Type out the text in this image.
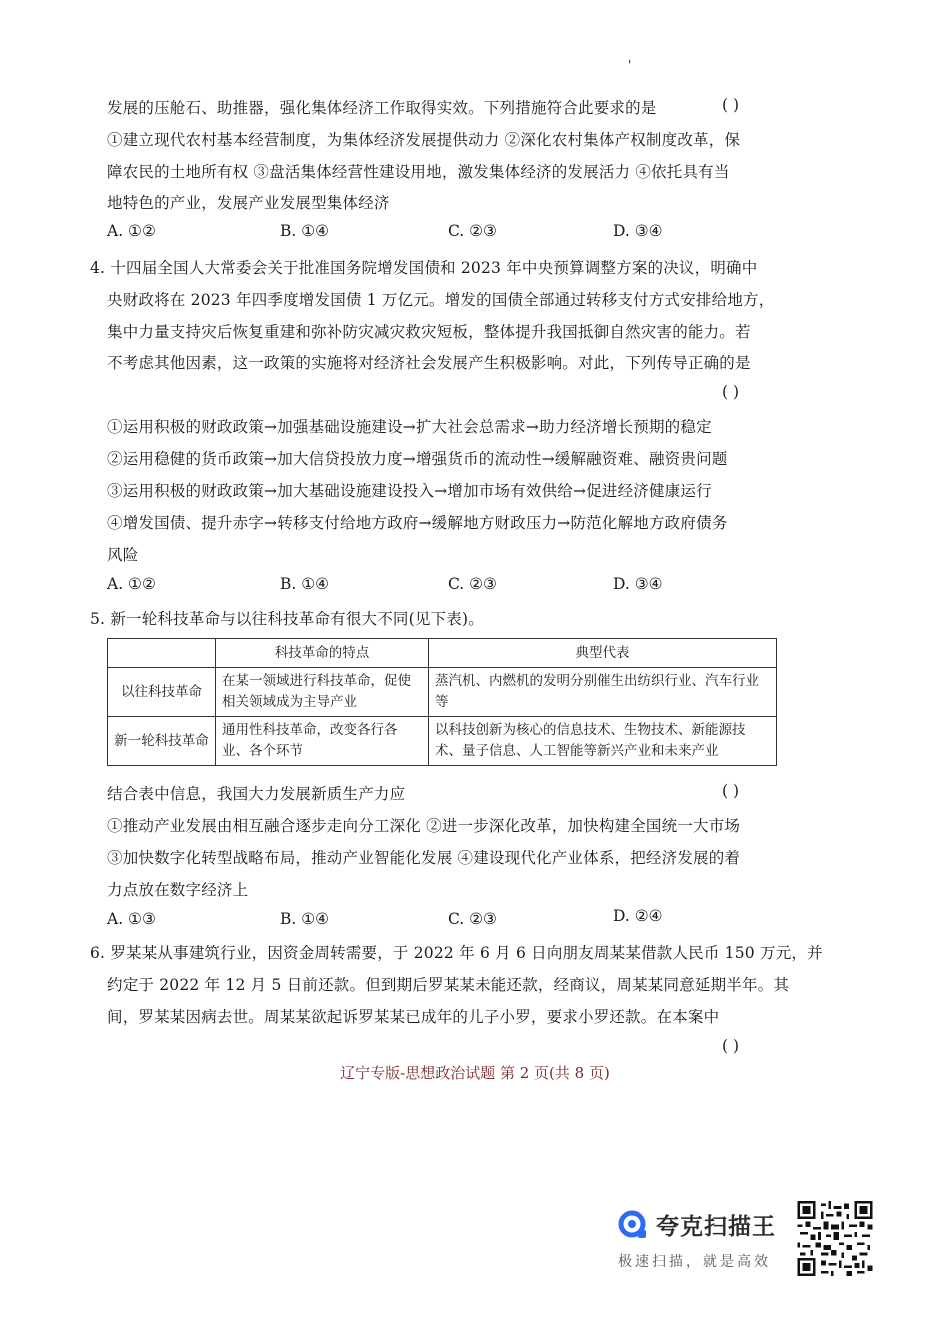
'
发展的压舱石、助推器，强化集体经济工作取得实效。下列措施符合此要求的是	( )
①建立现代农村基本经营制度，为集体经济发展提供动力 ②深化农村集体产权制度改革，保
障农民的土地所有权 ③盘活集体经营性建设用地，激发集体经济的发展活力 ④依托具有当
地特色的产业，发展产业发展型集体经济
A. ①②	B. ①④	C. ②③	D. ③④
4. 十四届全国人大常委会关于批准国务院增发国债和 2023 年中央预算调整方案的决议，明确中
央财政将在 2023 年四季度增发国债 1 万亿元。增发的国债全部通过转移支付方式安排给地方，
集中力量支持灾后恢复重建和弥补防灾减灾救灾短板，整体提升我国抵御自然灾害的能力。若
不考虑其他因素，这一政策的实施将对经济社会发展产生积极影响。对此，下列传导正确的是
( )
①运用积极的财政政策→加强基础设施建设→扩大社会总需求→助力经济增长预期的稳定
②运用稳健的货币政策→加大信贷投放力度→增强货币的流动性→缓解融资难、融资贵问题
③运用积极的财政政策→加大基础设施建设投入→增加市场有效供给→促进经济健康运行
④增发国债、提升赤字→转移支付给地方政府→缓解地方财政压力→防范化解地方政府债务
风险
A. ①②	B. ①④	C. ②③	D. ③④
5. 新一轮科技革命与以往科技革命有很大不同(见下表)。
	科技革命的特点	典型代表
以往科技革命	在某一领域进行科技革命，促使相关领域成为主导产业	蒸汽机、内燃机的发明分别催生出纺织行业、汽车行业等
新一轮科技革命	通用性科技革命，改变各行各业、各个环节	以科技创新为核心的信息技术、生物技术、新能源技术、量子信息、人工智能等新兴产业和未来产业
结合表中信息，我国大力发展新质生产力应	( )
①推动产业发展由相互融合逐步走向分工深化 ②进一步深化改革，加快构建全国统一大市场
③加快数字化转型战略布局，推动产业智能化发展 ④建设现代化产业体系，把经济发展的着
力点放在数字经济上
A. ①③	B. ①④	C. ②③	D. ②④
6. 罗某某从事建筑行业，因资金周转需要，于 2022 年 6 月 6 日向朋友周某某借款人民币 150 万元，并
约定于 2022 年 12 月 5 日前还款。但到期后罗某某未能还款，经商议，周某某同意延期半年。其
间，罗某某因病去世。周某某欲起诉罗某某已成年的儿子小罗，要求小罗还款。在本案中
( )
辽宁专版-思想政治试题 第 2 页(共 8 页)
夸克扫描王
极速扫描，就是高效
